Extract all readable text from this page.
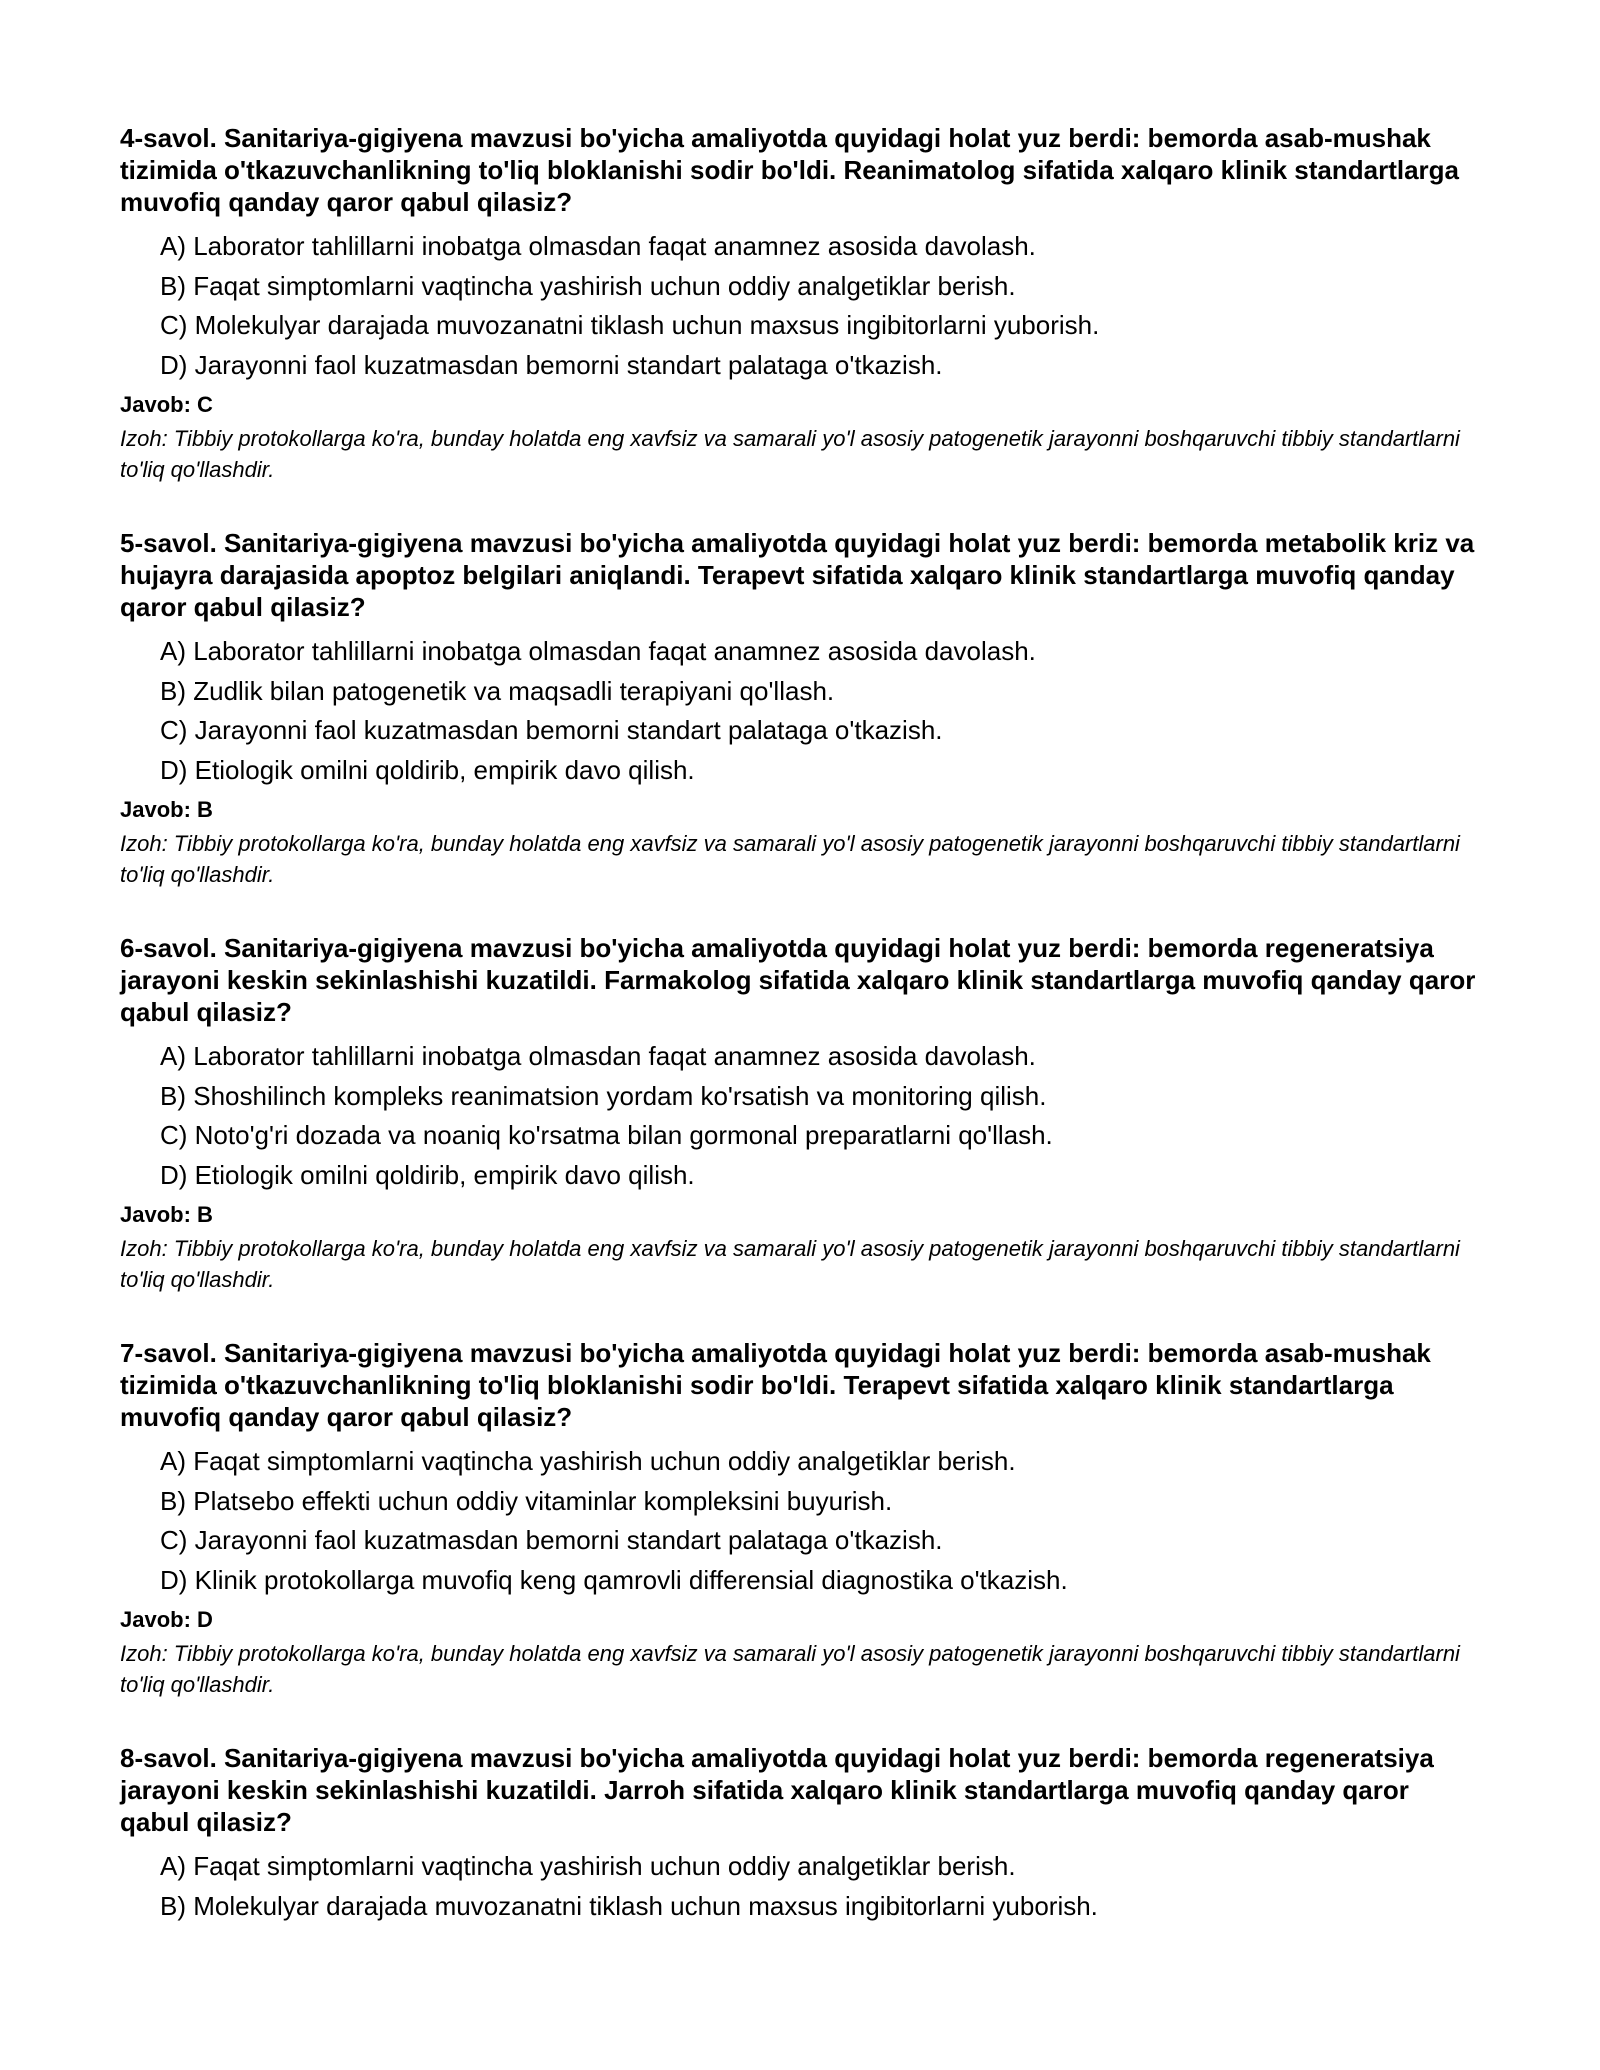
4-savol. Sanitariya-gigiyena mavzusi bo'yicha amaliyotda quyidagi holat yuz berdi: bemorda asab-mushak tizimida o'tkazuvchanlikning to'liq bloklanishi sodir bo'ldi. Reanimatolog sifatida xalqaro klinik standartlarga muvofiq qanday qaror qabul qilasiz?

A) Laborator tahlillarni inobatga olmasdan faqat anamnez asosida davolash.
B) Faqat simptomlarni vaqtincha yashirish uchun oddiy analgetiklar berish.
C) Molekulyar darajada muvozanatni tiklash uchun maxsus ingibitorlarni yuborish.
D) Jarayonni faol kuzatmasdan bemorni standart palataga o'tkazish.
Javob: C
Izoh: Tibbiy protokollarga ko'ra, bunday holatda eng xavfsiz va samarali yo'l asosiy patogenetik jarayonni boshqaruvchi tibbiy standartlarni to'liq qo'llashdir.

5-savol. Sanitariya-gigiyena mavzusi bo'yicha amaliyotda quyidagi holat yuz berdi: bemorda metabolik kriz va hujayra darajasida apoptoz belgilari aniqlandi. Terapevt sifatida xalqaro klinik standartlarga muvofiq qanday qaror qabul qilasiz?

A) Laborator tahlillarni inobatga olmasdan faqat anamnez asosida davolash.
B) Zudlik bilan patogenetik va maqsadli terapiyani qo'llash.
C) Jarayonni faol kuzatmasdan bemorni standart palataga o'tkazish.
D) Etiologik omilni qoldirib, empirik davo qilish.
Javob: B
Izoh: Tibbiy protokollarga ko'ra, bunday holatda eng xavfsiz va samarali yo'l asosiy patogenetik jarayonni boshqaruvchi tibbiy standartlarni to'liq qo'llashdir.

6-savol. Sanitariya-gigiyena mavzusi bo'yicha amaliyotda quyidagi holat yuz berdi: bemorda regeneratsiya jarayoni keskin sekinlashishi kuzatildi. Farmakolog sifatida xalqaro klinik standartlarga muvofiq qanday qaror qabul qilasiz?

A) Laborator tahlillarni inobatga olmasdan faqat anamnez asosida davolash.
B) Shoshilinch kompleks reanimatsion yordam ko'rsatish va monitoring qilish.
C) Noto'g'ri dozada va noaniq ko'rsatma bilan gormonal preparatlarni qo'llash.
D) Etiologik omilni qoldirib, empirik davo qilish.
Javob: B
Izoh: Tibbiy protokollarga ko'ra, bunday holatda eng xavfsiz va samarali yo'l asosiy patogenetik jarayonni boshqaruvchi tibbiy standartlarni to'liq qo'llashdir.

7-savol. Sanitariya-gigiyena mavzusi bo'yicha amaliyotda quyidagi holat yuz berdi: bemorda asab-mushak tizimida o'tkazuvchanlikning to'liq bloklanishi sodir bo'ldi. Terapevt sifatida xalqaro klinik standartlarga muvofiq qanday qaror qabul qilasiz?

A) Faqat simptomlarni vaqtincha yashirish uchun oddiy analgetiklar berish.
B) Platsebo effekti uchun oddiy vitaminlar kompleksini buyurish.
C) Jarayonni faol kuzatmasdan bemorni standart palataga o'tkazish.
D) Klinik protokollarga muvofiq keng qamrovli differensial diagnostika o'tkazish.
Javob: D
Izoh: Tibbiy protokollarga ko'ra, bunday holatda eng xavfsiz va samarali yo'l asosiy patogenetik jarayonni boshqaruvchi tibbiy standartlarni to'liq qo'llashdir.

8-savol. Sanitariya-gigiyena mavzusi bo'yicha amaliyotda quyidagi holat yuz berdi: bemorda regeneratsiya jarayoni keskin sekinlashishi kuzatildi. Jarroh sifatida xalqaro klinik standartlarga muvofiq qanday qaror qabul qilasiz?

A) Faqat simptomlarni vaqtincha yashirish uchun oddiy analgetiklar berish.
B) Molekulyar darajada muvozanatni tiklash uchun maxsus ingibitorlarni yuborish.
